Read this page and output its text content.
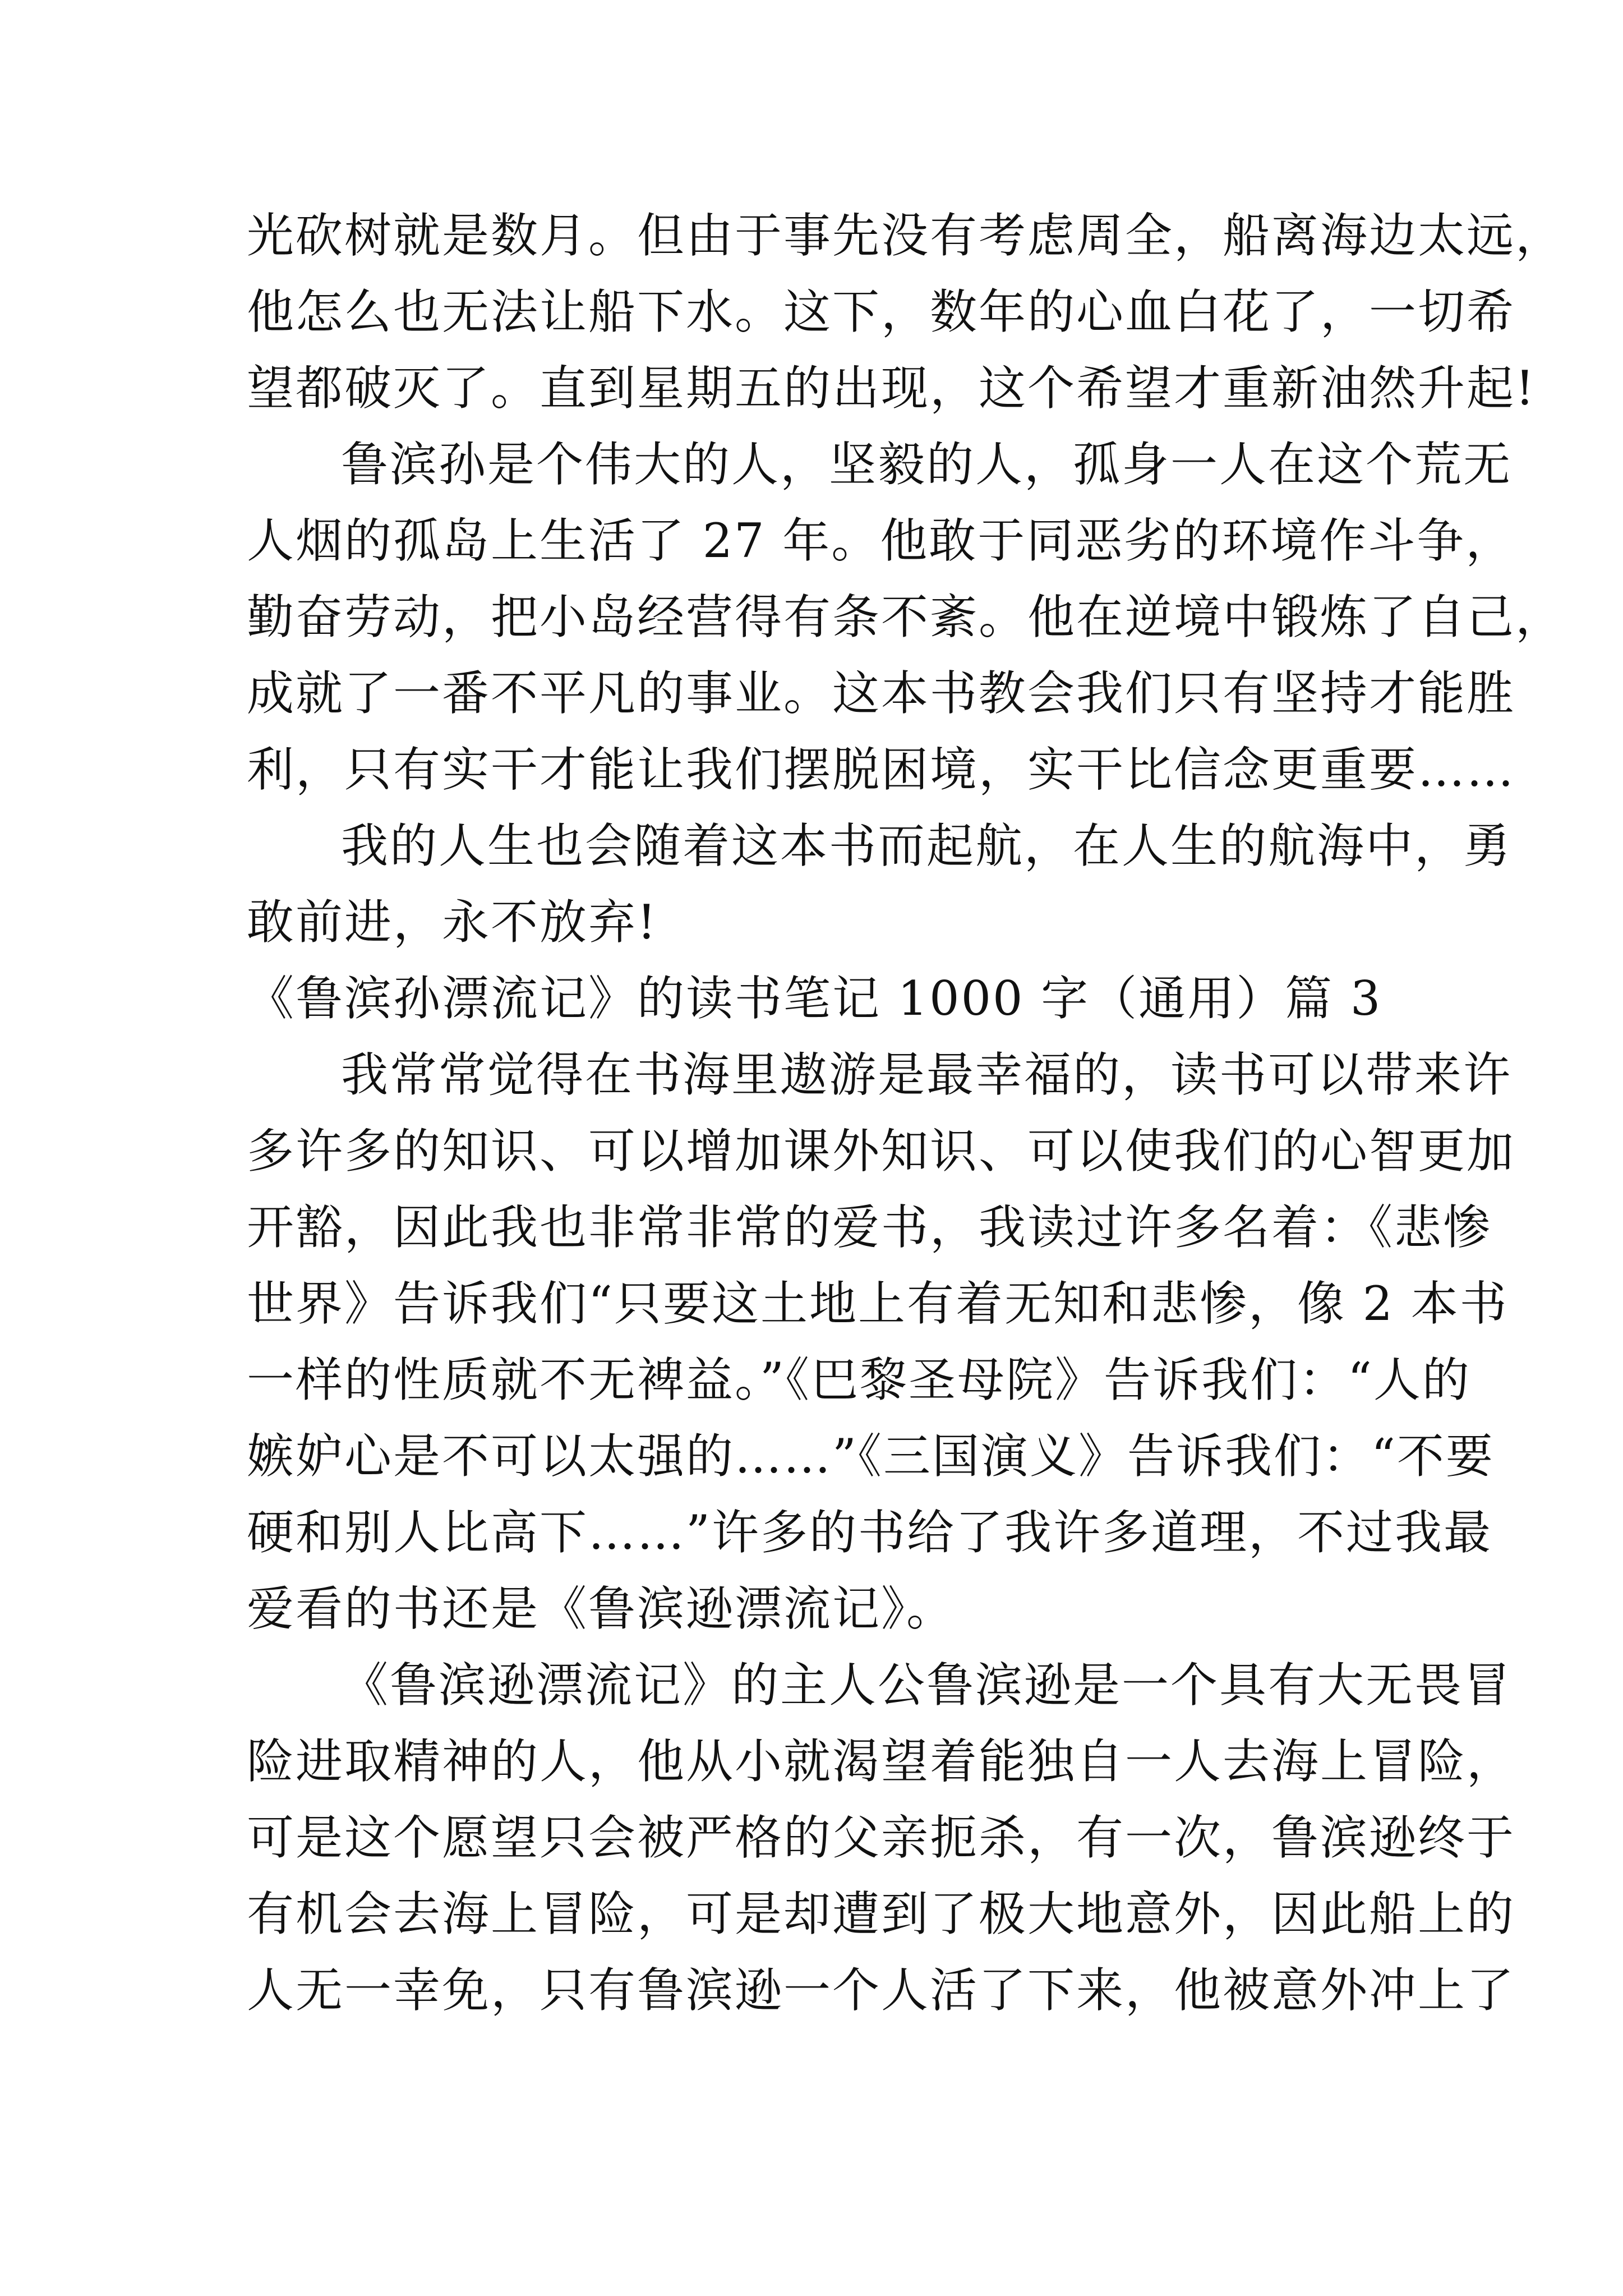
光砍树就是数月。但由于事先没有考虑周全，船离海边太远，
他怎么也无法让船下水。这下，数年的心血白花了，一切希
望都破灭了。直到星期五的出现，这个希望才重新油然升起!

鲁滨孙是个伟大的人，坚毅的人，孤身一人在这个荒无
人烟的孤岛上生活了 27 年。他敢于同恶劣的环境作斗争，
勤奋劳动，把小岛经营得有条不紊。他在逆境中锻炼了自己，
成就了一番不平凡的事业。这本书教会我们只有坚持才能胜
利，只有实干才能让我们摆脱困境，实干比信念更重要……

我的人生也会随着这本书而起航，在人生的航海中，勇
敢前进，永不放弃!

《鲁滨孙漂流记》的读书笔记 1000 字（通用）篇 3

我常常觉得在书海里遨游是最幸福的，读书可以带来许
多许多的知识、可以增加课外知识、可以使我们的心智更加
开豁，因此我也非常非常的爱书，我读过许多名着：《悲惨
世界》告诉我们“只要这土地上有着无知和悲惨，像 2 本书
一样的性质就不无裨益。”《巴黎圣母院》告诉我们：“人的
嫉妒心是不可以太强的……”《三国演义》告诉我们：“不要
硬和别人比高下……”许多的书给了我许多道理，不过我最
爱看的书还是《鲁滨逊漂流记》。

《鲁滨逊漂流记》的主人公鲁滨逊是一个具有大无畏冒
险进取精神的人，他从小就渴望着能独自一人去海上冒险，
可是这个愿望只会被严格的父亲扼杀，有一次，鲁滨逊终于
有机会去海上冒险，可是却遭到了极大地意外，因此船上的
人无一幸免，只有鲁滨逊一个人活了下来，他被意外冲上了
